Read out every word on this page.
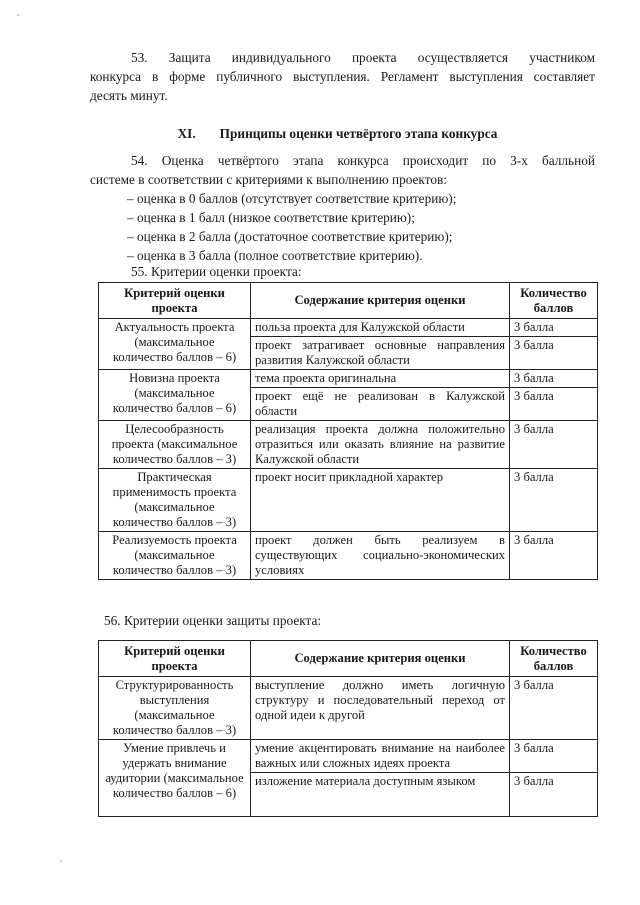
53. Защита индивидуального проекта осуществляется участником

конкурса в форме публичного выступления. Регламент выступления составляет

десять минут.

XI. Принципы оценки четвёртого этапа конкурса

54. Оценка четвёртого этапа конкурса происходит по 3-х балльной

системе в соответствии с критериями к выполнению проектов:

– оценка в 0 баллов (отсутствует соответствие критерию);

– оценка в 1 балл (низкое соответствие критерию);

– оценка в 2 балла (достаточное соответствие критерию);

– оценка в 3 балла (полное соответствие критерию).

55. Критерии оценки проекта:

Критерий оценки проекта	Содержание критерия оценки	Количество баллов
Актуальность проекта (максимальное количество баллов – 6)	польза проекта для Калужской области	3 балла
	проект затрагивает основные направления развития Калужской области	3 балла
Новизна проекта (максимальное количество баллов – 6)	тема проекта оригинальна	3 балла
	проект ещё не реализован в Калужской области	3 балла
Целесообразность проекта (максимальное количество баллов – 3)	реализация проекта должна положительно отразиться или оказать влияние на развитие Калужской области	3 балла
Практическая применимость проекта (максимальное количество баллов – 3)	проект носит прикладной характер	3 балла
Реализуемость проекта (максимальное количество баллов – 3)	проект должен быть реализуем в существующих социально-экономических условиях	3 балла

56. Критерии оценки защиты проекта:

Критерий оценки проекта	Содержание критерия оценки	Количество баллов
Структурированность выступления (максимальное количество баллов – 3)	выступление должно иметь логичную структуру и последовательный переход от одной идеи к другой	3 балла
Умение привлечь и удержать внимание аудитории (максимальное количество баллов – 6)	умение акцентировать внимание на наиболее важных или сложных идеях проекта	3 балла
	изложение материала доступным языком	3 балла
